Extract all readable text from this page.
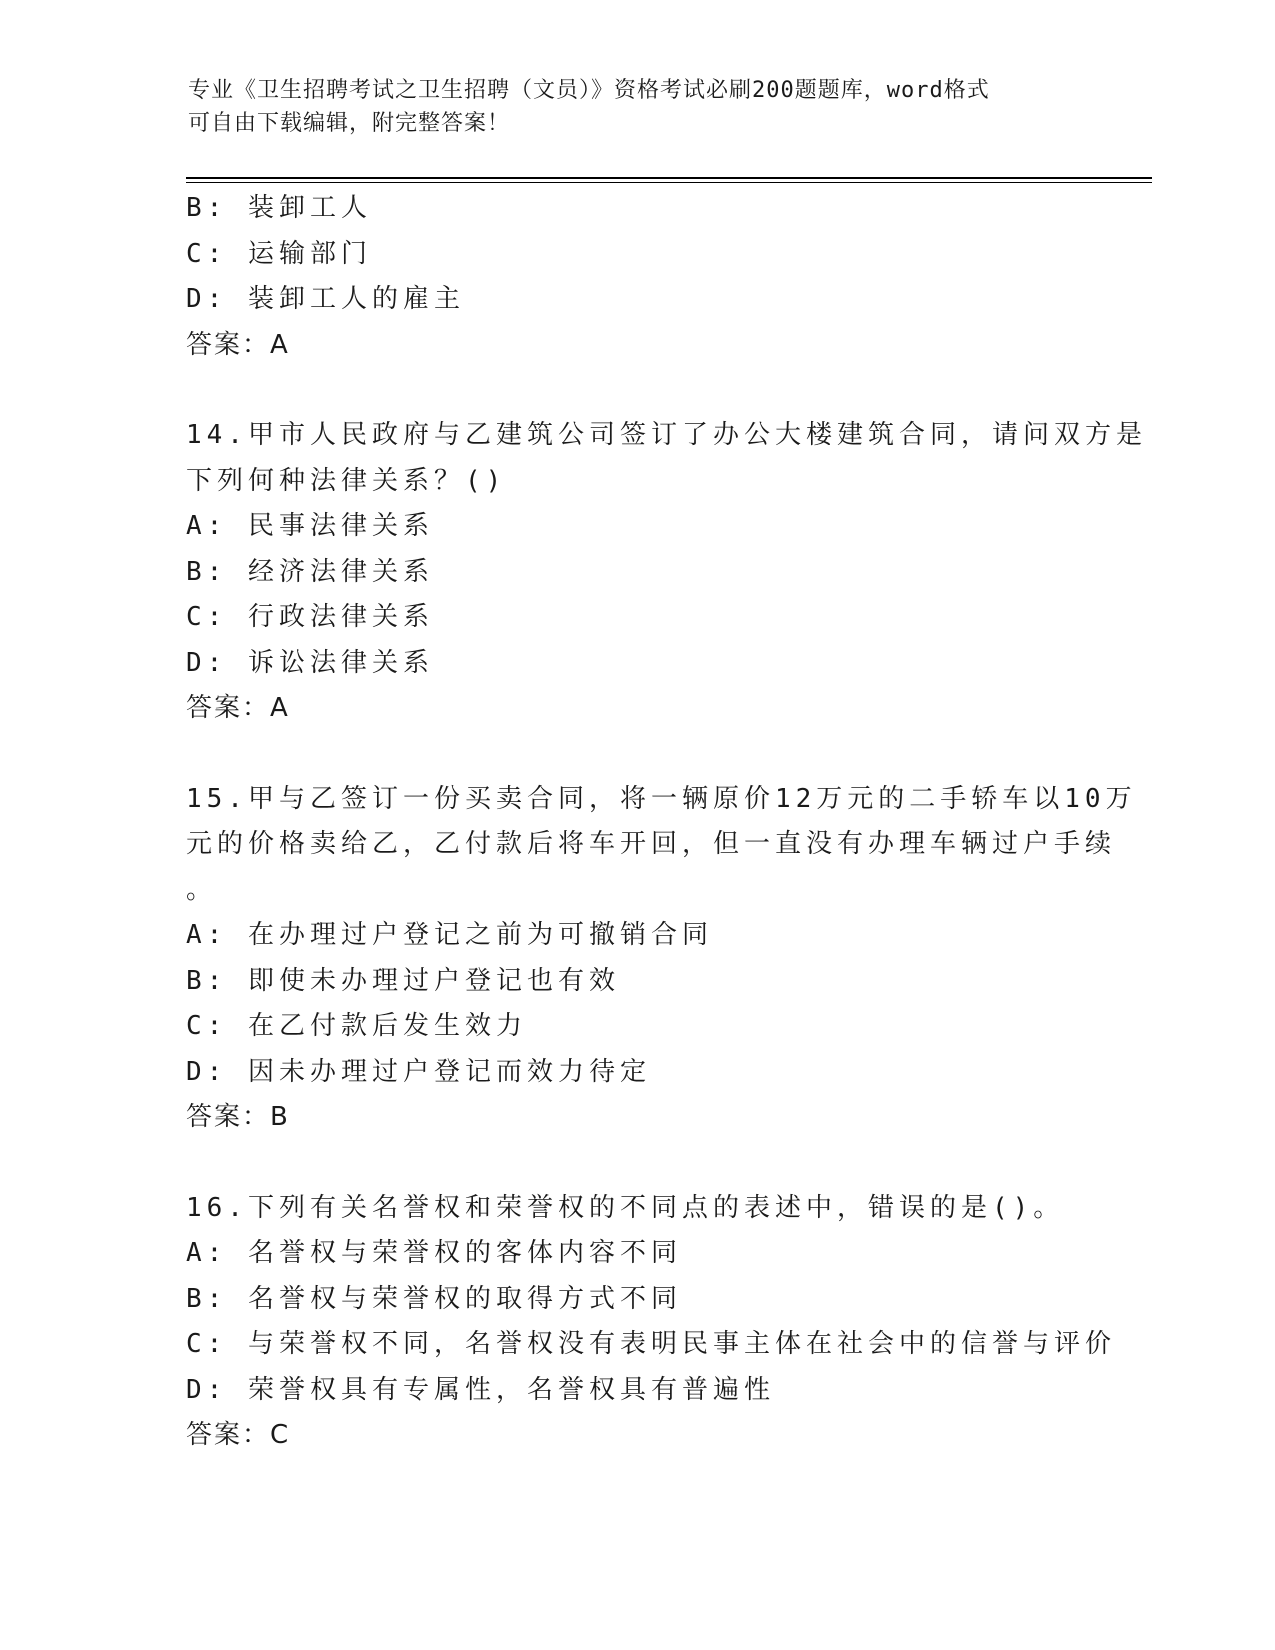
专业《卫生招聘考试之卫生招聘（文员）》资格考试必刷200题题库，word格式
可自由下载编辑，附完整答案！
B: 装卸工人
C: 运输部门
D: 装卸工人的雇主
答案：A
14.甲市人民政府与乙建筑公司签订了办公大楼建筑合同，请问双方是
下列何种法律关系？()
A: 民事法律关系
B: 经济法律关系
C: 行政法律关系
D: 诉讼法律关系
答案：A
15.甲与乙签订一份买卖合同，将一辆原价12万元的二手轿车以10万
元的价格卖给乙，乙付款后将车开回，但一直没有办理车辆过户手续
。
A: 在办理过户登记之前为可撤销合同
B: 即使未办理过户登记也有效
C: 在乙付款后发生效力
D: 因未办理过户登记而效力待定
答案：B
16.下列有关名誉权和荣誉权的不同点的表述中，错误的是()。
A: 名誉权与荣誉权的客体内容不同
B: 名誉权与荣誉权的取得方式不同
C: 与荣誉权不同，名誉权没有表明民事主体在社会中的信誉与评价
D: 荣誉权具有专属性，名誉权具有普遍性
答案：C
